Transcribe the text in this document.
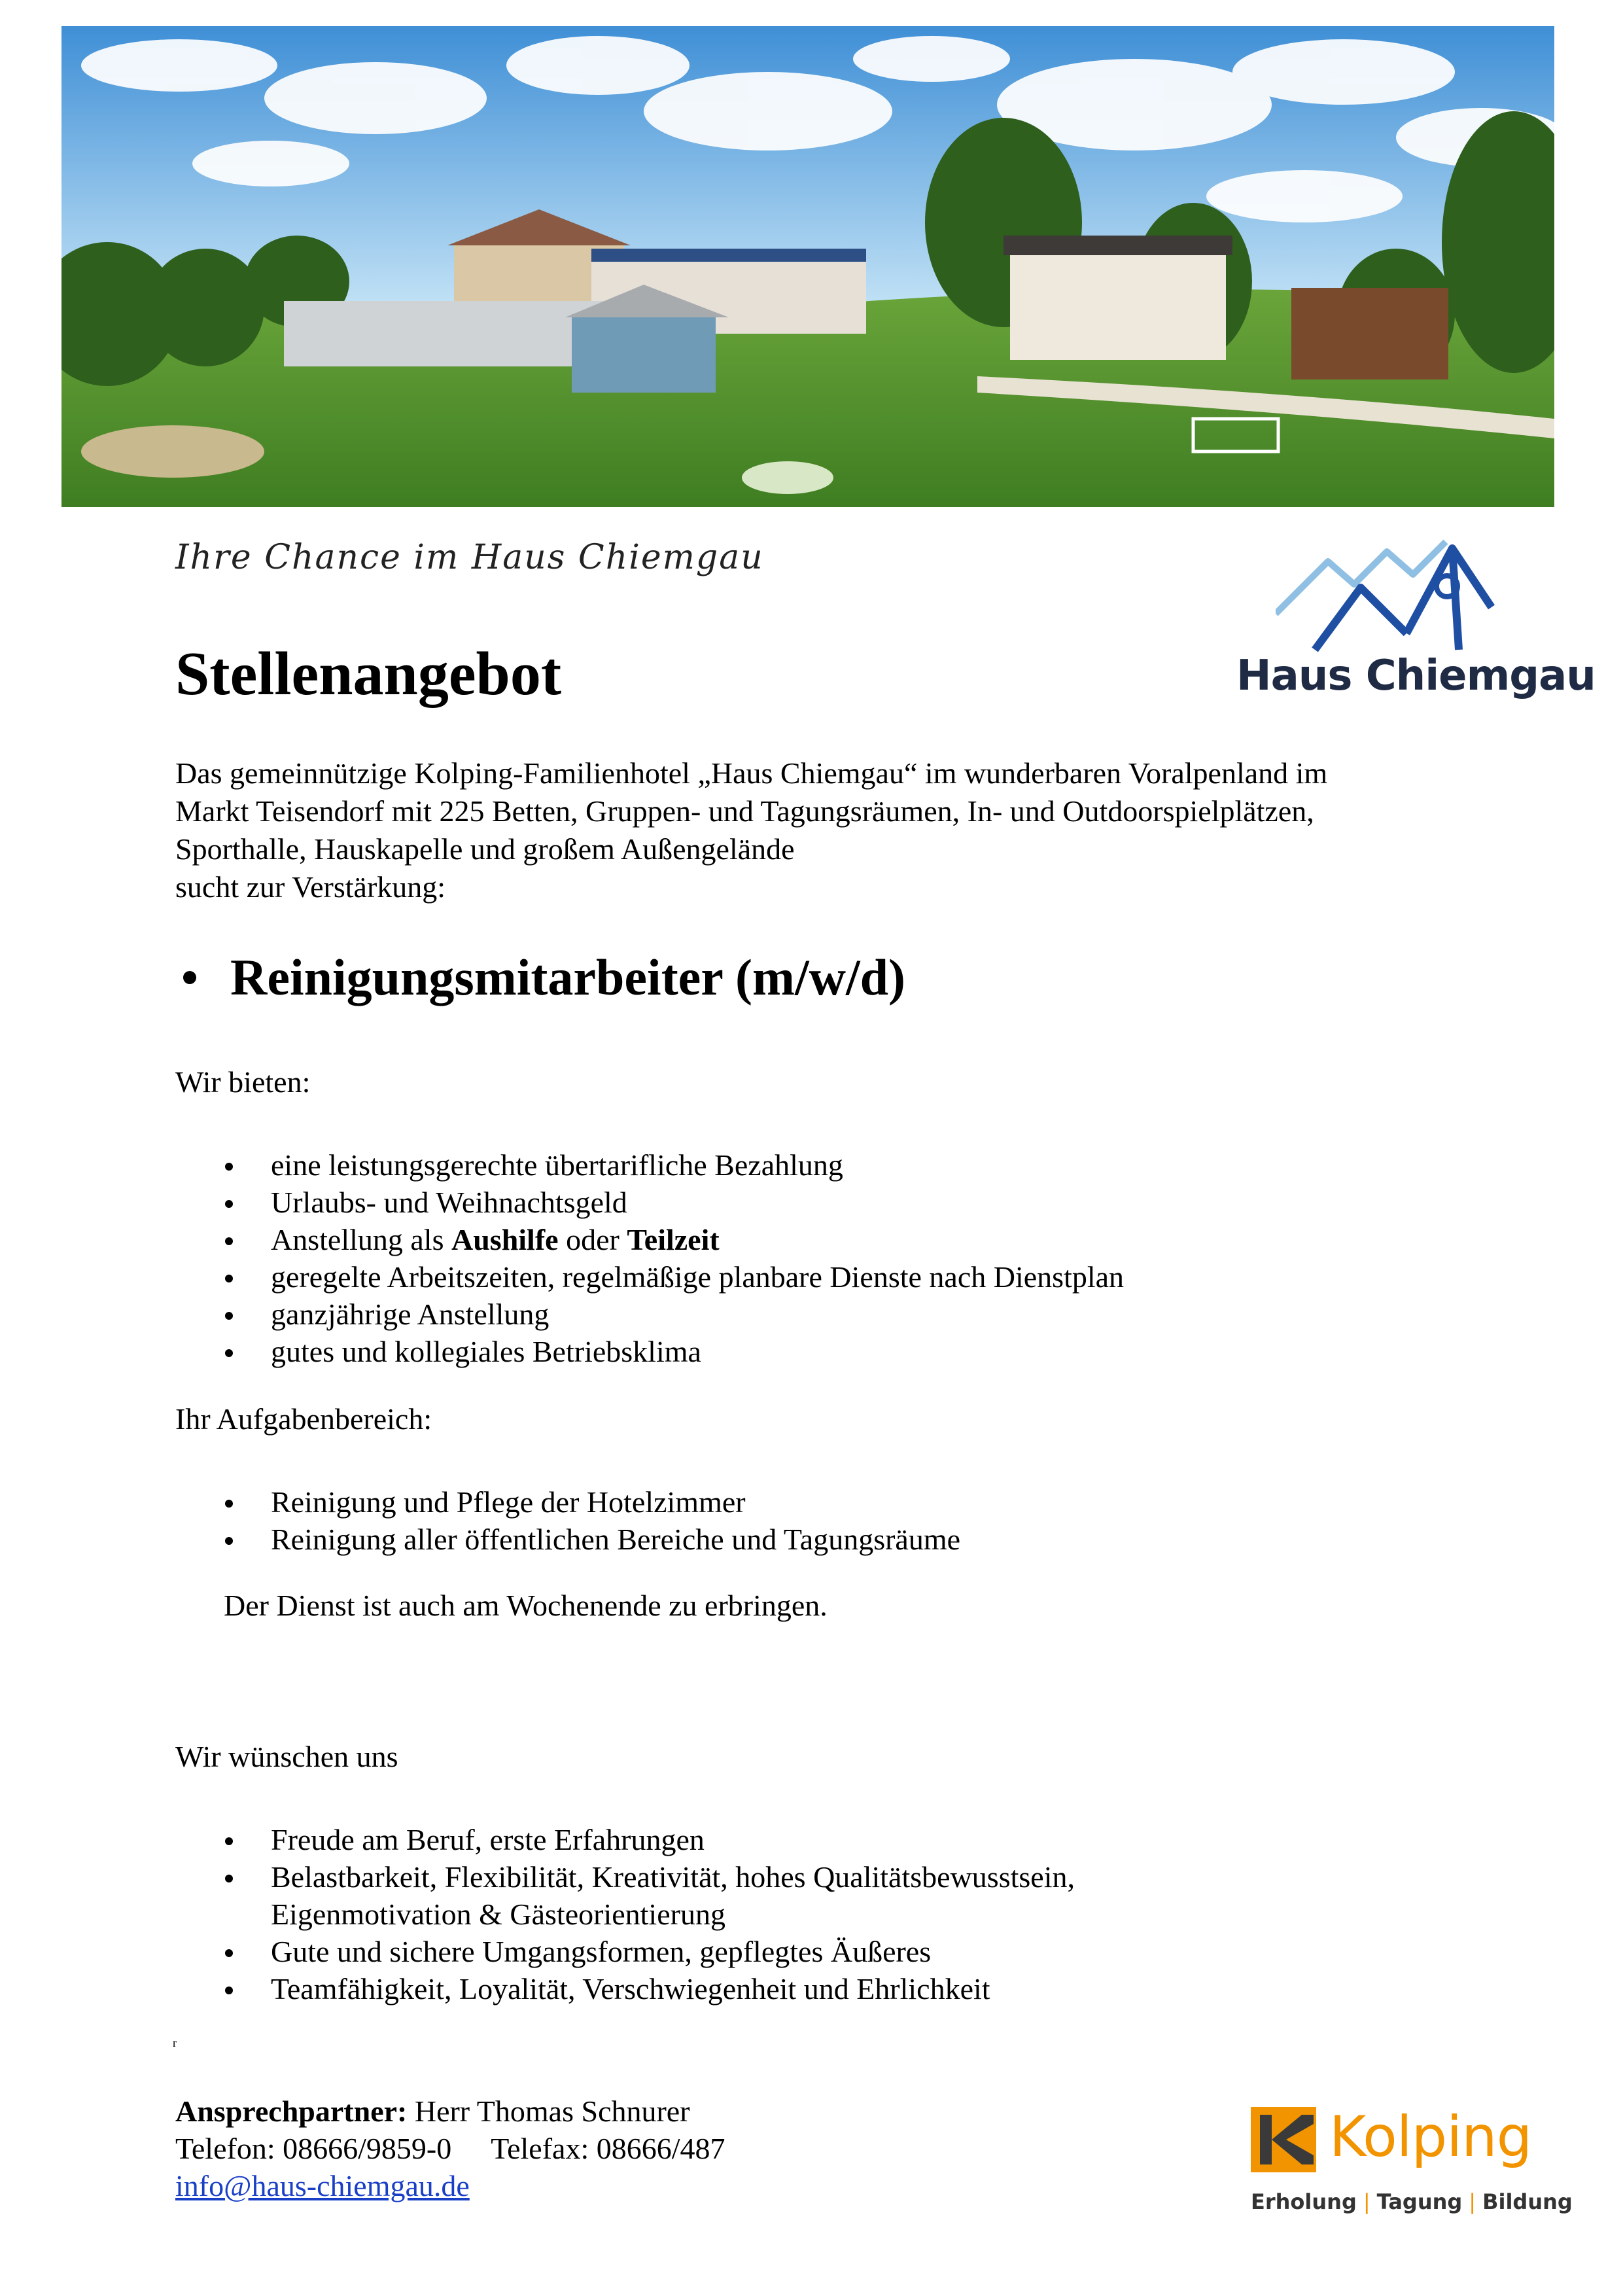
Ihre Chance im Haus Chiemgau
Haus Chiemgau
Stellenangebot
Das gemeinnützige Kolping-Familienhotel „Haus Chiemgau“ im wunderbaren Voralpenland im
Markt Teisendorf mit 225 Betten, Gruppen- und Tagungsräumen, In- und Outdoorspielplätzen,
Sporthalle, Hauskapelle und großem Außengelände
sucht zur Verstärkung:
Reinigungsmitarbeiter (m/w/d)
Wir bieten:
eine leistungsgerechte übertarifliche Bezahlung
Urlaubs- und Weihnachtsgeld
Anstellung als Aushilfe oder Teilzeit
geregelte Arbeitszeiten, regelmäßige planbare Dienste nach Dienstplan
ganzjährige Anstellung
gutes und kollegiales Betriebsklima
Ihr Aufgabenbereich:
Reinigung und Pflege der Hotelzimmer
Reinigung aller öffentlichen Bereiche und Tagungsräume
Der Dienst ist auch am Wochenende zu erbringen.
Wir wünschen uns
Freude am Beruf, erste Erfahrungen
Belastbarkeit, Flexibilität, Kreativität, hohes Qualitätsbewusstsein,
Eigenmotivation & Gästeorientierung
Gute und sichere Umgangsformen, gepflegtes Äußeres
Teamfähigkeit, Loyalität, Verschwiegenheit und Ehrlichkeit
r
Ansprechpartner: Herr Thomas Schnurer
Telefon: 08666/9859-0 Telefax: 08666/487
info@haus-chiemgau.de
Kolping
Erholung | Tagung | Bildung
